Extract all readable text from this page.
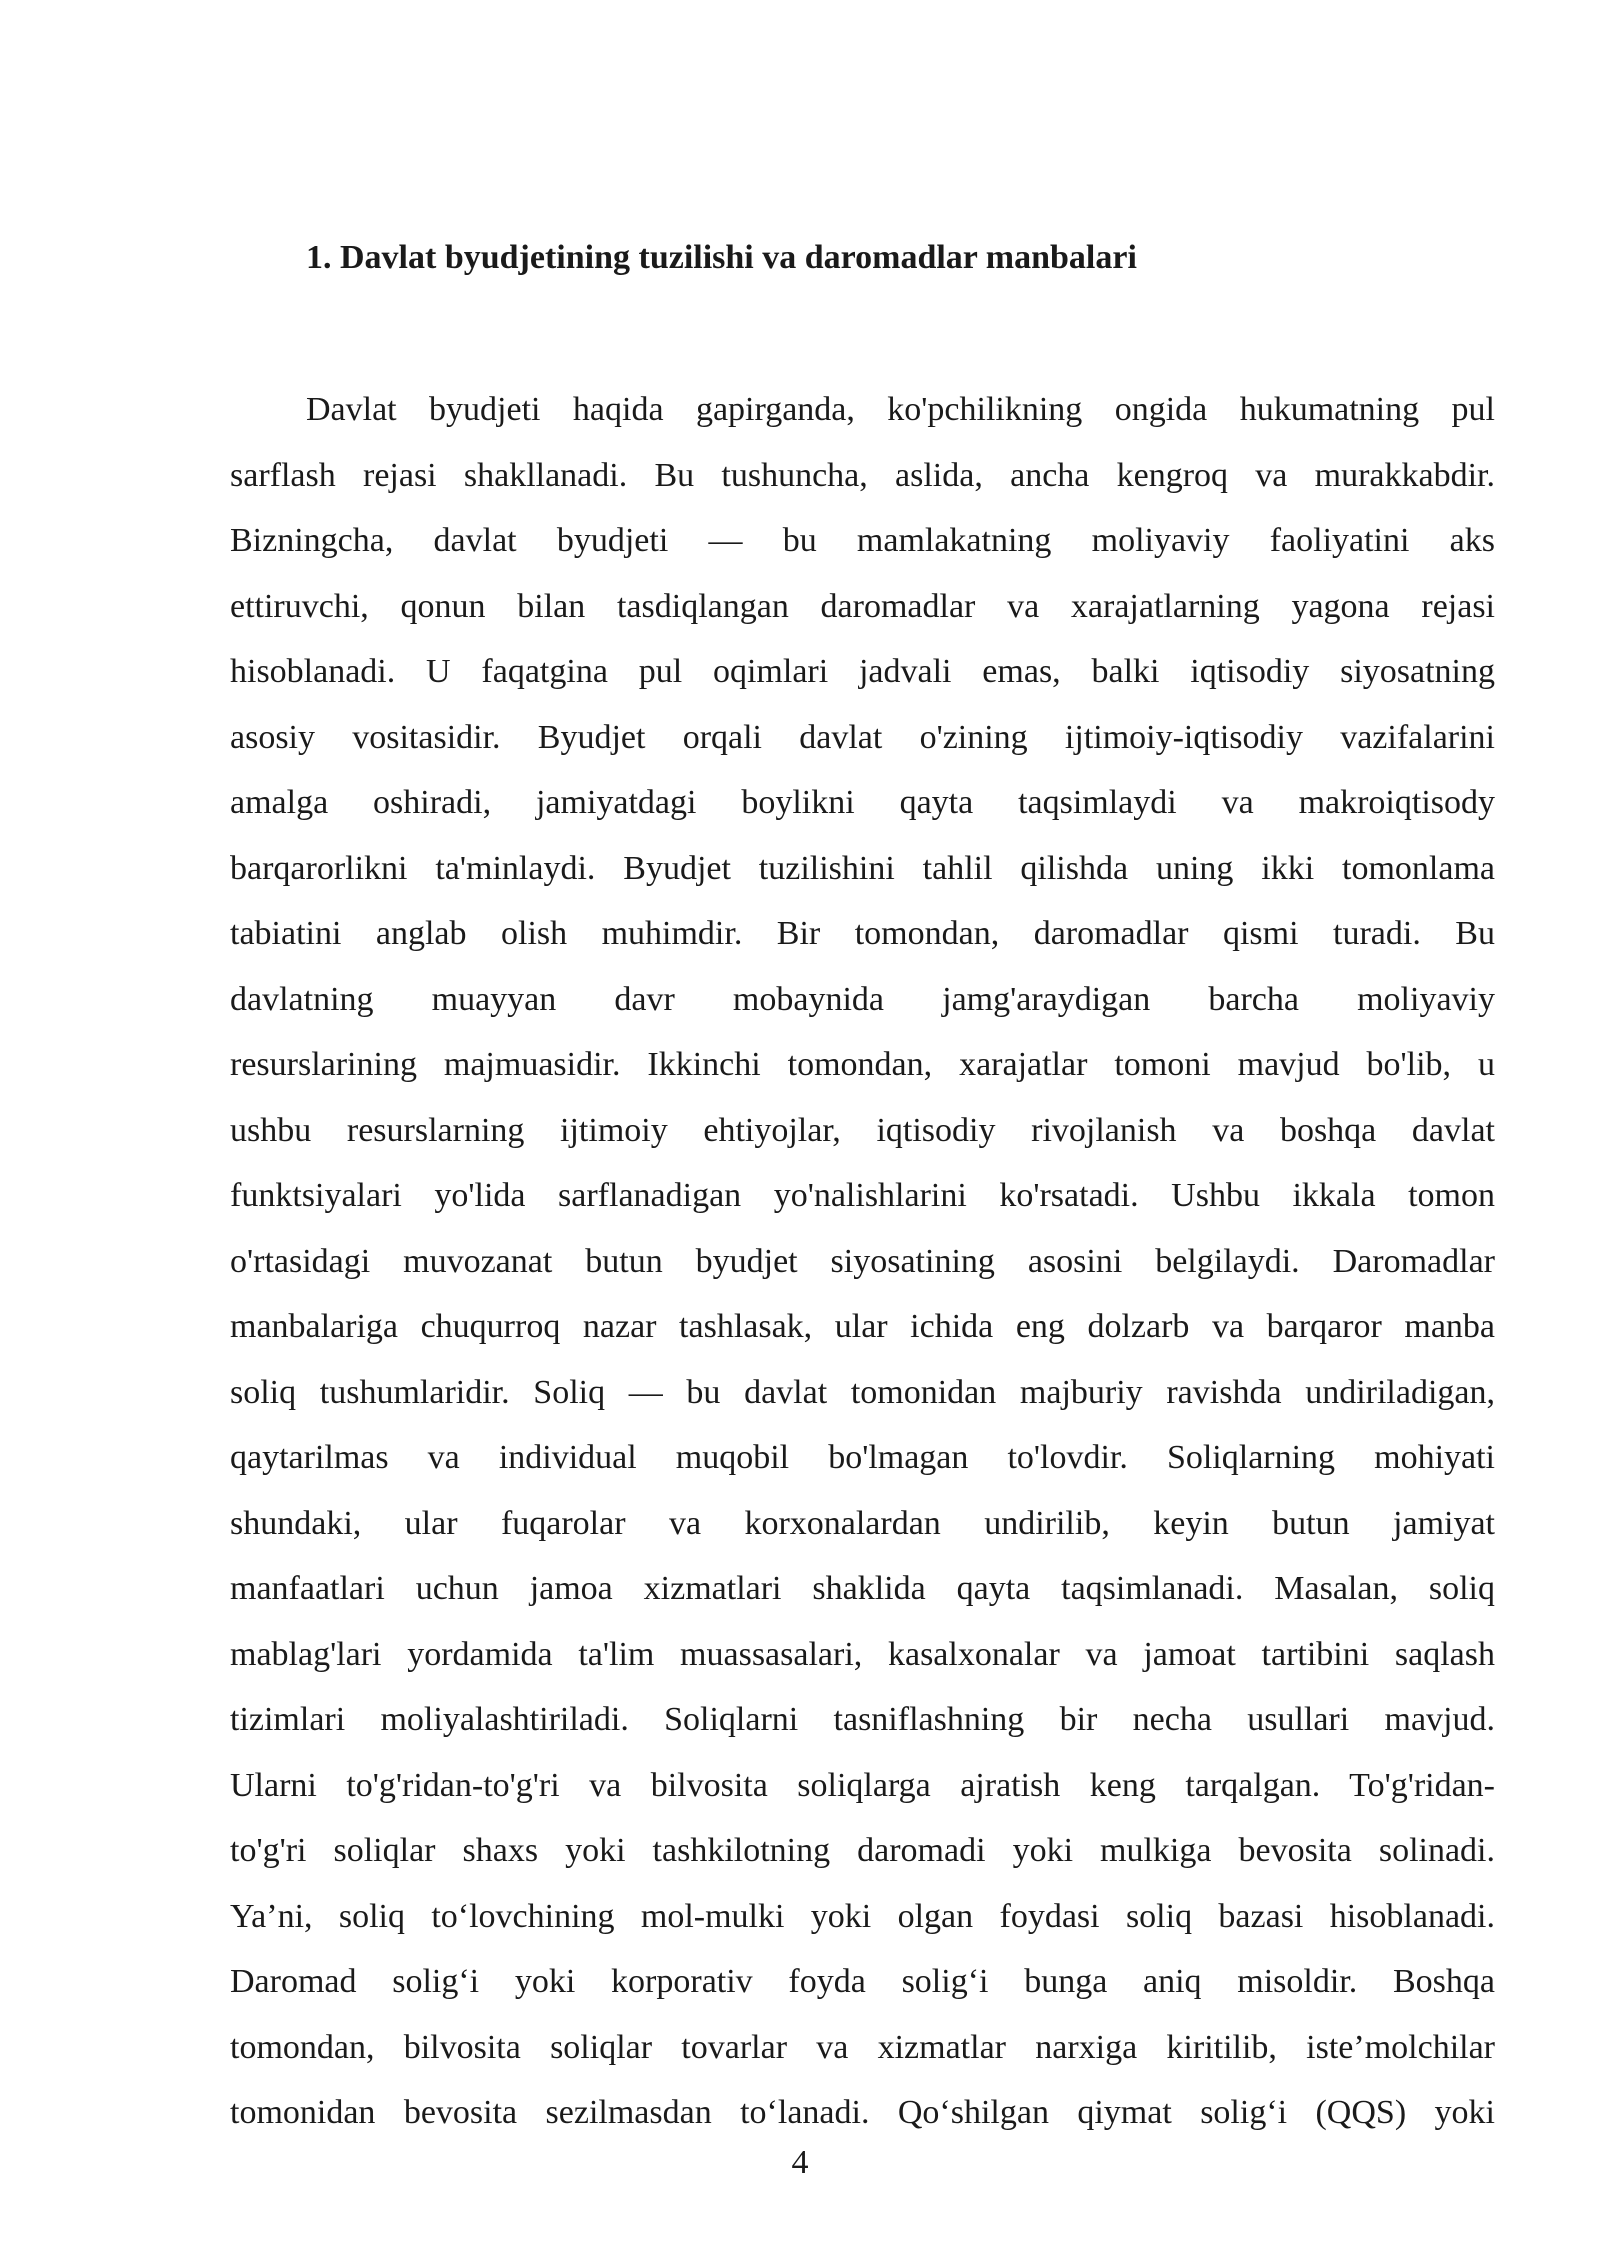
1. Davlat byudjetining tuzilishi va daromadlar manbalari
Davlat byudjeti haqida gapirganda, ko'pchilikning ongida hukumatning pul
sarflash rejasi shakllanadi. Bu tushuncha, aslida, ancha kengroq va murakkabdir.
Bizningcha, davlat byudjeti — bu mamlakatning moliyaviy faoliyatini aks
ettiruvchi, qonun bilan tasdiqlangan daromadlar va xarajatlarning yagona rejasi
hisoblanadi. U faqatgina pul oqimlari jadvali emas, balki iqtisodiy siyosatning
asosiy vositasidir. Byudjet orqali davlat o'zining ijtimoiy-iqtisodiy vazifalarini
amalga oshiradi, jamiyatdagi boylikni qayta taqsimlaydi va makroiqtisody
barqarorlikni ta'minlaydi. Byudjet tuzilishini tahlil qilishda uning ikki tomonlama
tabiatini anglab olish muhimdir. Bir tomondan, daromadlar qismi turadi. Bu
davlatning muayyan davr mobaynida jamg'araydigan barcha moliyaviy
resurslarining majmuasidir. Ikkinchi tomondan, xarajatlar tomoni mavjud bo'lib, u
ushbu resurslarning ijtimoiy ehtiyojlar, iqtisodiy rivojlanish va boshqa davlat
funktsiyalari yo'lida sarflanadigan yo'nalishlarini ko'rsatadi. Ushbu ikkala tomon
o'rtasidagi muvozanat butun byudjet siyosatining asosini belgilaydi. Daromadlar
manbalariga chuqurroq nazar tashlasak, ular ichida eng dolzarb va barqaror manba
soliq tushumlaridir. Soliq — bu davlat tomonidan majburiy ravishda undiriladigan,
qaytarilmas va individual muqobil bo'lmagan to'lovdir. Soliqlarning mohiyati
shundaki, ular fuqarolar va korxonalardan undirilib, keyin butun jamiyat
manfaatlari uchun jamoa xizmatlari shaklida qayta taqsimlanadi. Masalan, soliq
mablag'lari yordamida ta'lim muassasalari, kasalxonalar va jamoat tartibini saqlash
tizimlari moliyalashtiriladi. Soliqlarni tasniflashning bir necha usullari mavjud.
Ularni to'g'ridan-to'g'ri va bilvosita soliqlarga ajratish keng tarqalgan. To'g'ridan-
to'g'ri soliqlar shaxs yoki tashkilotning daromadi yoki mulkiga bevosita solinadi.
Ya’ni, soliq to‘lovchining mol-mulki yoki olgan foydasi soliq bazasi hisoblanadi.
Daromad solig‘i yoki korporativ foyda solig‘i bunga aniq misoldir. Boshqa
tomondan, bilvosita soliqlar tovarlar va xizmatlar narxiga kiritilib, iste’molchilar
tomonidan bevosita sezilmasdan to‘lanadi. Qo‘shilgan qiymat solig‘i (QQS) yoki
4
